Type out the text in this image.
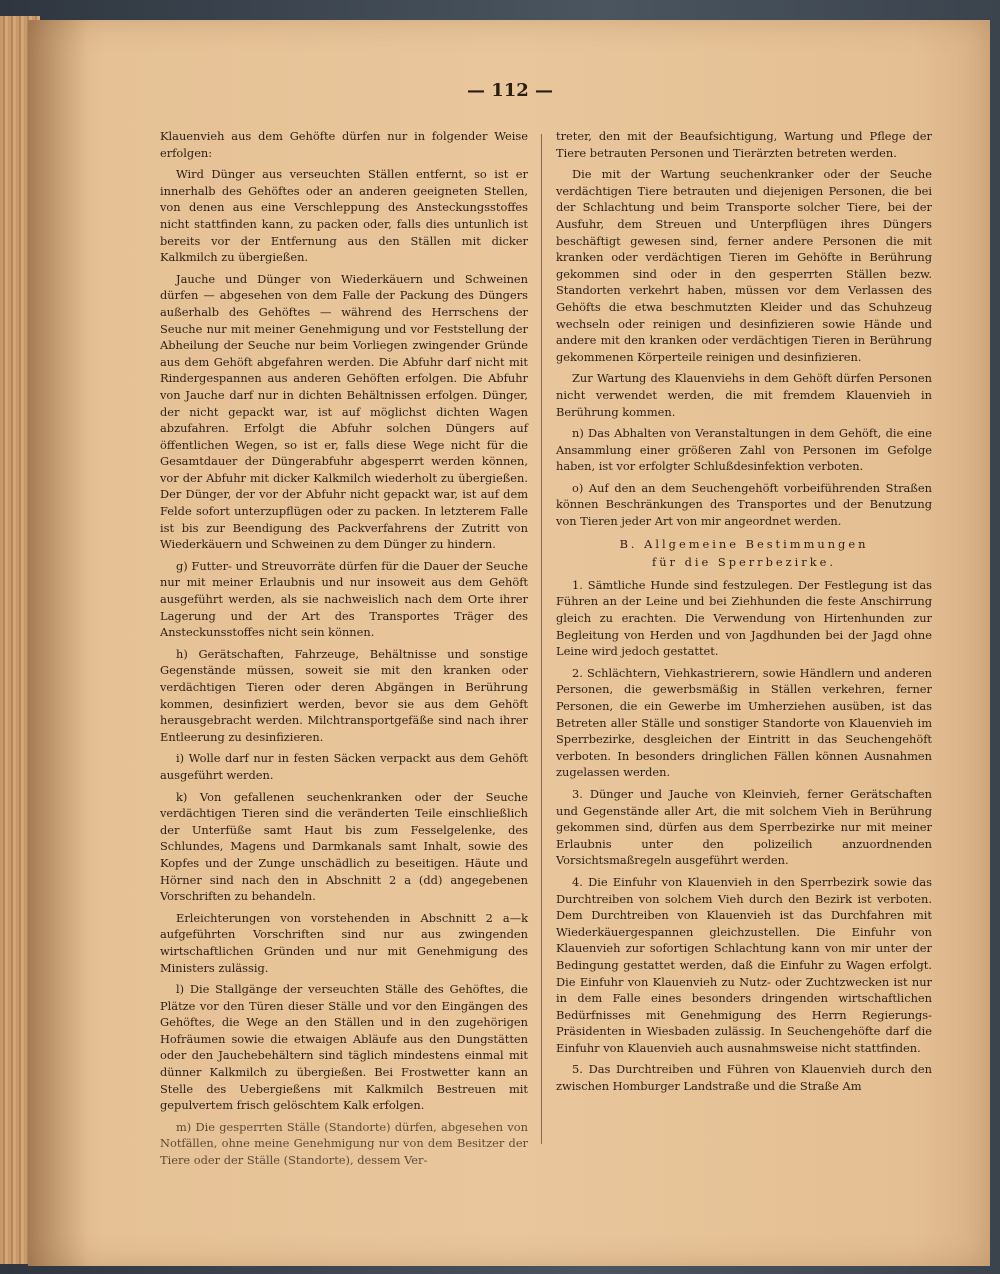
— 112 —

Klauenvieh aus dem Gehöfte dürfen nur in folgender Weise erfolgen:

Wird Dünger aus verseuchten Ställen entfernt, so ist er innerhalb des Gehöftes oder an anderen geeigneten Stellen, von denen aus eine Verschleppung des Ansteckungsstoffes nicht stattfinden kann, zu packen oder, falls dies untunlich ist bereits vor der Entfernung aus den Ställen mit dicker Kalkmilch zu übergießen.

Jauche und Dünger von Wiederkäuern und Schweinen dürfen — abgesehen von dem Falle der Packung des Düngers außerhalb des Gehöftes — während des Herrschens der Seuche nur mit meiner Genehmigung und vor Feststellung der Abheilung der Seuche nur beim Vorliegen zwingender Gründe aus dem Gehöft abgefahren werden. Die Abfuhr darf nicht mit Rindergespannen aus anderen Gehöften erfolgen. Die Abfuhr von Jauche darf nur in dichten Behältnissen erfolgen. Dünger, der nicht gepackt war, ist auf möglichst dichten Wagen abzufahren. Erfolgt die Abfuhr solchen Düngers auf öffentlichen Wegen, so ist er, falls diese Wege nicht für die Gesamtdauer der Düngerabfuhr abgesperrt werden können, vor der Abfuhr mit dicker Kalkmilch wiederholt zu übergießen. Der Dünger, der vor der Abfuhr nicht gepackt war, ist auf dem Felde sofort unterzupflügen oder zu packen. In letzterem Falle ist bis zur Beendigung des Packverfahrens der Zutritt von Wiederkäuern und Schweinen zu dem Dünger zu hindern.

g) Futter- und Streuvorräte dürfen für die Dauer der Seuche nur mit meiner Erlaubnis und nur insoweit aus dem Gehöft ausgeführt werden, als sie nachweislich nach dem Orte ihrer Lagerung und der Art des Transportes Träger des Ansteckunsstoffes nicht sein können.

h) Gerätschaften, Fahrzeuge, Behältnisse und sonstige Gegenstände müssen, soweit sie mit den kranken oder verdächtigen Tieren oder deren Abgängen in Berührung kommen, desinfiziert werden, bevor sie aus dem Gehöft herausgebracht werden. Milchtransportgefäße sind nach ihrer Entleerung zu desinfizieren.

i) Wolle darf nur in festen Säcken verpackt aus dem Gehöft ausgeführt werden.

k) Von gefallenen seuchenkranken oder der Seuche verdächtigen Tieren sind die veränderten Teile einschließlich der Unterfüße samt Haut bis zum Fesselgelenke, des Schlundes, Magens und Darmkanals samt Inhalt, sowie des Kopfes und der Zunge unschädlich zu beseitigen. Häute und Hörner sind nach den in Abschnitt 2 a (dd) angegebenen Vorschriften zu behandeln.

Erleichterungen von vorstehenden in Abschnitt 2 a—k aufgeführten Vorschriften sind nur aus zwingenden wirtschaftlichen Gründen und nur mit Genehmigung des Ministers zulässig.

l) Die Stallgänge der verseuchten Ställe des Gehöftes, die Plätze vor den Türen dieser Ställe und vor den Eingängen des Gehöftes, die Wege an den Ställen und in den zugehörigen Hofräumen sowie die etwaigen Abläufe aus den Dungstätten oder den Jauchebehältern sind täglich mindestens einmal mit dünner Kalkmilch zu übergießen. Bei Frostwetter kann an Stelle des Uebergießens mit Kalkmilch Bestreuen mit gepulvertem frisch gelöschtem Kalk erfolgen.

m) Die gesperrten Ställe (Standorte) dürfen, abgesehen von Notfällen, ohne meine Genehmigung nur von dem Besitzer der Tiere oder der Ställe (Standorte), dessem Ver-

treter, den mit der Beaufsichtigung, Wartung und Pflege der Tiere betrauten Personen und Tierärzten betreten werden.

Die mit der Wartung seuchenkranker oder der Seuche verdächtigen Tiere betrauten und diejenigen Personen, die bei der Schlachtung und beim Transporte solcher Tiere, bei der Ausfuhr, dem Streuen und Unterpflügen ihres Düngers beschäftigt gewesen sind, ferner andere Personen die mit kranken oder verdächtigen Tieren im Gehöfte in Berührung gekommen sind oder in den gesperrten Ställen bezw. Standorten verkehrt haben, müssen vor dem Verlassen des Gehöfts die etwa beschmutzten Kleider und das Schuhzeug wechseln oder reinigen und desinfizieren sowie Hände und andere mit den kranken oder verdächtigen Tieren in Berührung gekommenen Körperteile reinigen und desinfizieren.

Zur Wartung des Klauenviehs in dem Gehöft dürfen Personen nicht verwendet werden, die mit fremdem Klauenvieh in Berührung kommen.

n) Das Abhalten von Veranstaltungen in dem Gehöft, die eine Ansammlung einer größeren Zahl von Personen im Gefolge haben, ist vor erfolgter Schlußdesinfektion verboten.

o) Auf den an dem Seuchengehöft vorbeiführenden Straßen können Beschränkungen des Transportes und der Benutzung von Tieren jeder Art von mir angeordnet werden.

B. Allgemeine Bestimmungen

für die Sperrbezirke.

1. Sämtliche Hunde sind festzulegen. Der Festlegung ist das Führen an der Leine und bei Ziehhunden die feste Anschirrung gleich zu erachten. Die Verwendung von Hirtenhunden zur Begleitung von Herden und von Jagdhunden bei der Jagd ohne Leine wird jedoch gestattet.

2. Schlächtern, Viehkastrierern, sowie Händlern und anderen Personen, die gewerbsmäßig in Ställen verkehren, ferner Personen, die ein Gewerbe im Umherziehen ausüben, ist das Betreten aller Ställe und sonstiger Standorte von Klauenvieh im Sperrbezirke, desgleichen der Eintritt in das Seuchengehöft verboten. In besonders dringlichen Fällen können Ausnahmen zugelassen werden.

3. Dünger und Jauche von Kleinvieh, ferner Gerätschaften und Gegenstände aller Art, die mit solchem Vieh in Berührung gekommen sind, dürfen aus dem Sperrbezirke nur mit meiner Erlaubnis unter den polizeilich anzuordnenden Vorsichtsmaßregeln ausgeführt werden.

4. Die Einfuhr von Klauenvieh in den Sperrbezirk sowie das Durchtreiben von solchem Vieh durch den Bezirk ist verboten. Dem Durchtreiben von Klauenvieh ist das Durchfahren mit Wiederkäuergespannen gleichzustellen. Die Einfuhr von Klauenvieh zur sofortigen Schlachtung kann von mir unter der Bedingung gestattet werden, daß die Einfuhr zu Wagen erfolgt. Die Einfuhr von Klauenvieh zu Nutz- oder Zuchtzwecken ist nur in dem Falle eines besonders dringenden wirtschaftlichen Bedürfnisses mit Genehmigung des Herrn Regierungs-Präsidenten in Wiesbaden zulässig. In Seuchengehöfte darf die Einfuhr von Klauenvieh auch ausnahmsweise nicht stattfinden.

5. Das Durchtreiben und Führen von Klauenvieh durch den zwischen Homburger Landstraße und die Straße Am
